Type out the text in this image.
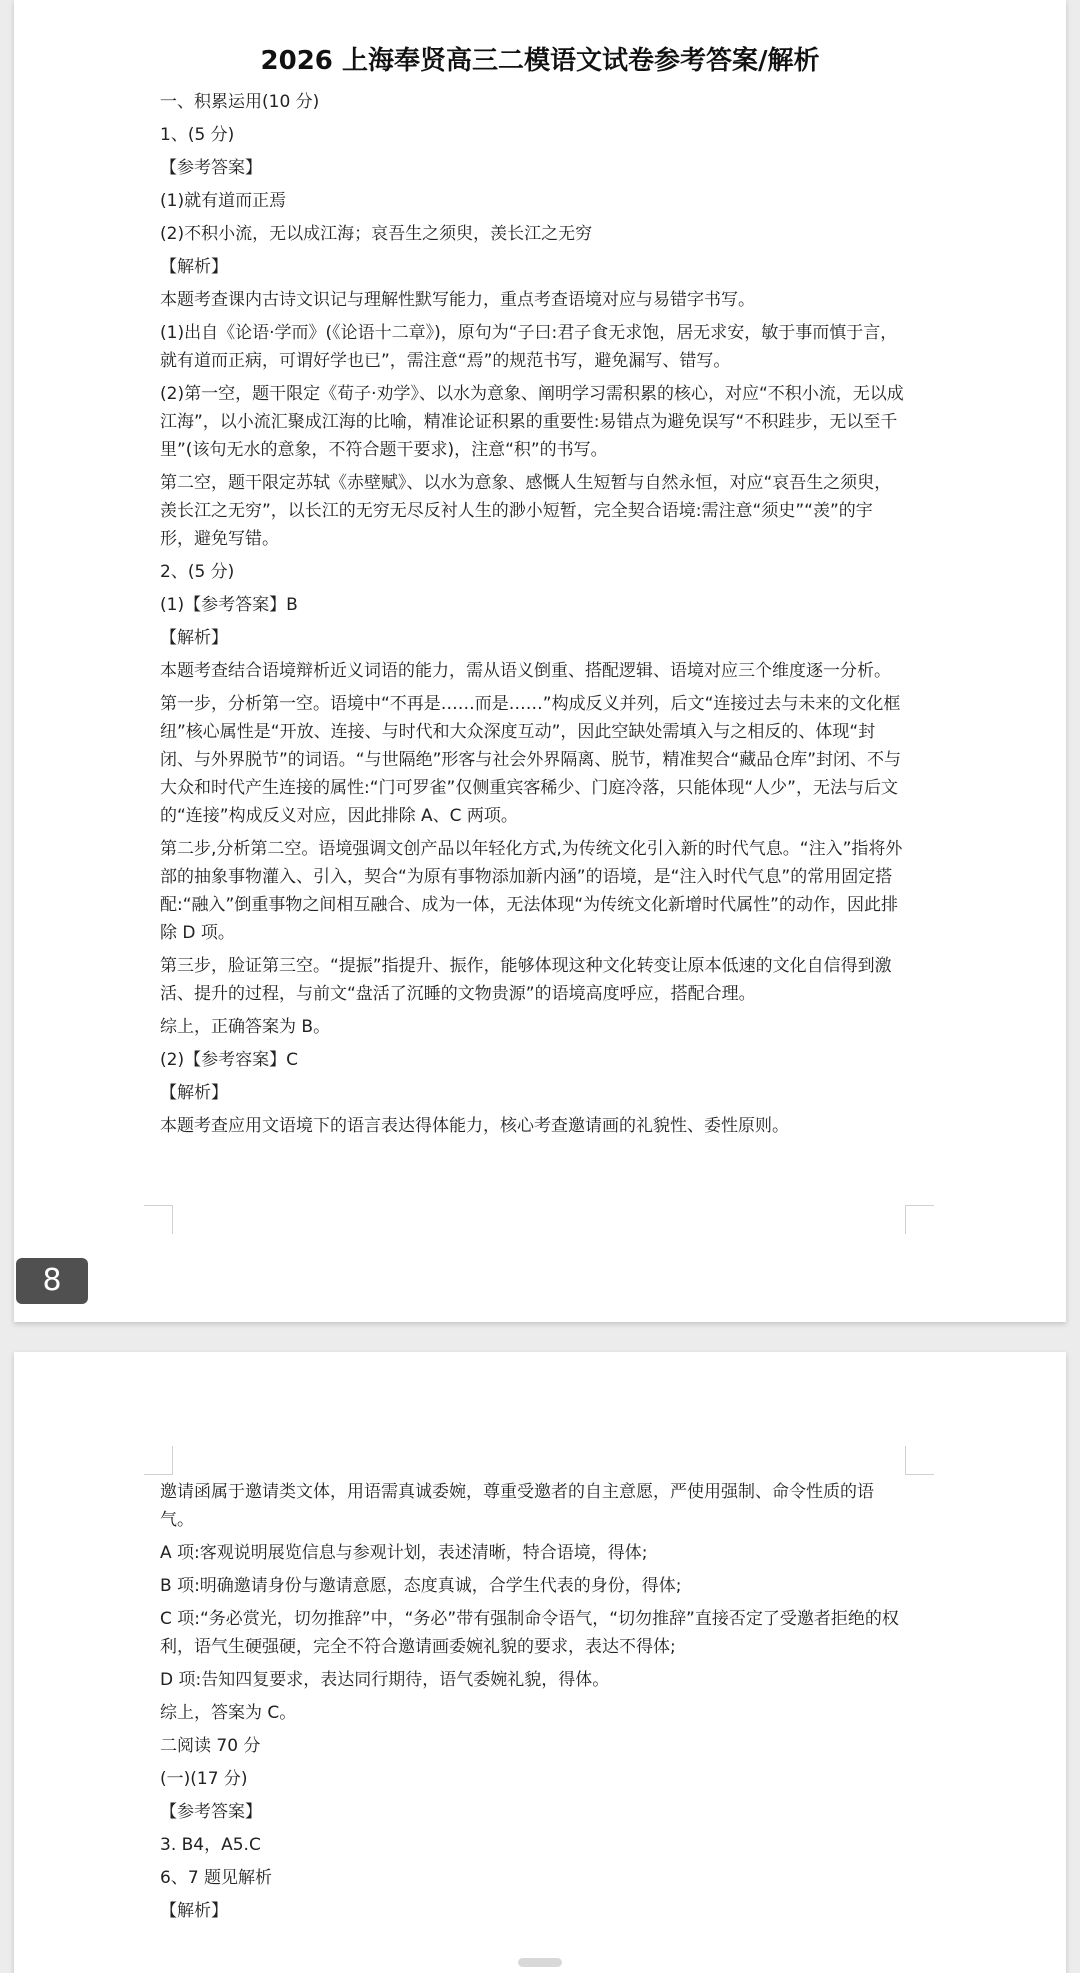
2026 上海奉贤高三二模语文试卷参考答案/解析

一、积累运用(10 分)

1、(5 分)

【参考答案】

(1)就有道而正焉

(2)不积小流，无以成江海；哀吾生之须臾，羡长江之无穷

【解析】

本题考查课内古诗文识记与理解性默写能力，重点考查语境对应与易错字书写。

(1)出自《论语·学而》(《论语十二章》)，原句为“子曰:君子食无求饱，居无求安，敏于事而慎于言，就有道而正病，可谓好学也已”，需注意“焉”的规范书写，避免漏写、错写。

(2)第一空，题干限定《荀子·劝学》、以水为意象、阐明学习需积累的核心，对应“不积小流，无以成江海”，以小流汇聚成江海的比喻，精准论证积累的重要性:易错点为避免误写“不积跬步，无以至千里”(该句无水的意象，不符合题干要求)，注意“积”的书写。

第二空，题干限定苏轼《赤壁赋》、以水为意象、感慨人生短暂与自然永恒，对应“哀吾生之须臾，羡长江之无穷”，以长江的无穷无尽反衬人生的渺小短暂，完全契合语境:需注意“须史”“羡”的宇形，避免写错。

2、(5 分)

(1)【参考答案】B

【解析】

本题考查结合语境辩析近义词语的能力，需从语义倒重、搭配逻辑、语境对应三个维度逐一分析。

第一步，分析第一空。语境中“不再是……而是……”构成反义并列，后文“连接过去与未来的文化框纽”核心属性是“开放、连接、与时代和大众深度互动”，因此空缺处需填入与之相反的、体现“封闭、与外界脱节”的词语。“与世隔绝”形客与社会外界隔离、脱节，精准契合“藏品仓库”封闭、不与大众和时代产生连接的属性:“门可罗雀”仅侧重宾客稀少、门庭冷落，只能体现“人少”，无法与后文的“连接”构成反义对应，因此排除 A、C 两项。

第二步,分析第二空。语境强调文创产品以年轻化方式,为传统文化引入新的时代气息。“注入”指将外部的抽象事物灌入、引入，契合“为原有事物添加新内涵”的语境，是“注入时代气息”的常用固定搭配:“融入”倒重事物之间相互融合、成为一体，无法体现“为传统文化新增时代属性”的动作，因此排除 D 项。

第三步，脸证第三空。“提振”指提升、振作，能够体现这种文化转变让原本低速的文化自信得到激活、提升的过程，与前文“盘活了沉睡的文物贵源”的语境高度呼应，搭配合理。

综上，正确答案为 B。

(2)【参考容案】C

【解析】

本题考查应用文语境下的语言表达得体能力，核心考查邀请画的礼貌性、委性原则。

8

邀请函属于邀请类文体，用语需真诚委婉，尊重受邀者的自主意愿，严使用强制、命令性质的语气。

A 项:客观说明展览信息与参观计划，表述清晰，特合语境，得体;

B 项:明确邀请身份与邀请意愿，态度真诚，合学生代表的身份，得体;

C 项:“务必赏光，切勿推辞”中，“务必”带有强制命令语气，“切勿推辞”直接否定了受邀者拒绝的权利，语气生硬强硬，完全不符合邀请画委婉礼貌的要求，表达不得体;

D 项:告知四复要求，表达同行期待，语气委婉礼貌，得体。

综上，答案为 C。

二阅读 70 分

(一)(17 分)

【参考答案】

3. B4，A5.C

6、7 题见解析

【解析】
